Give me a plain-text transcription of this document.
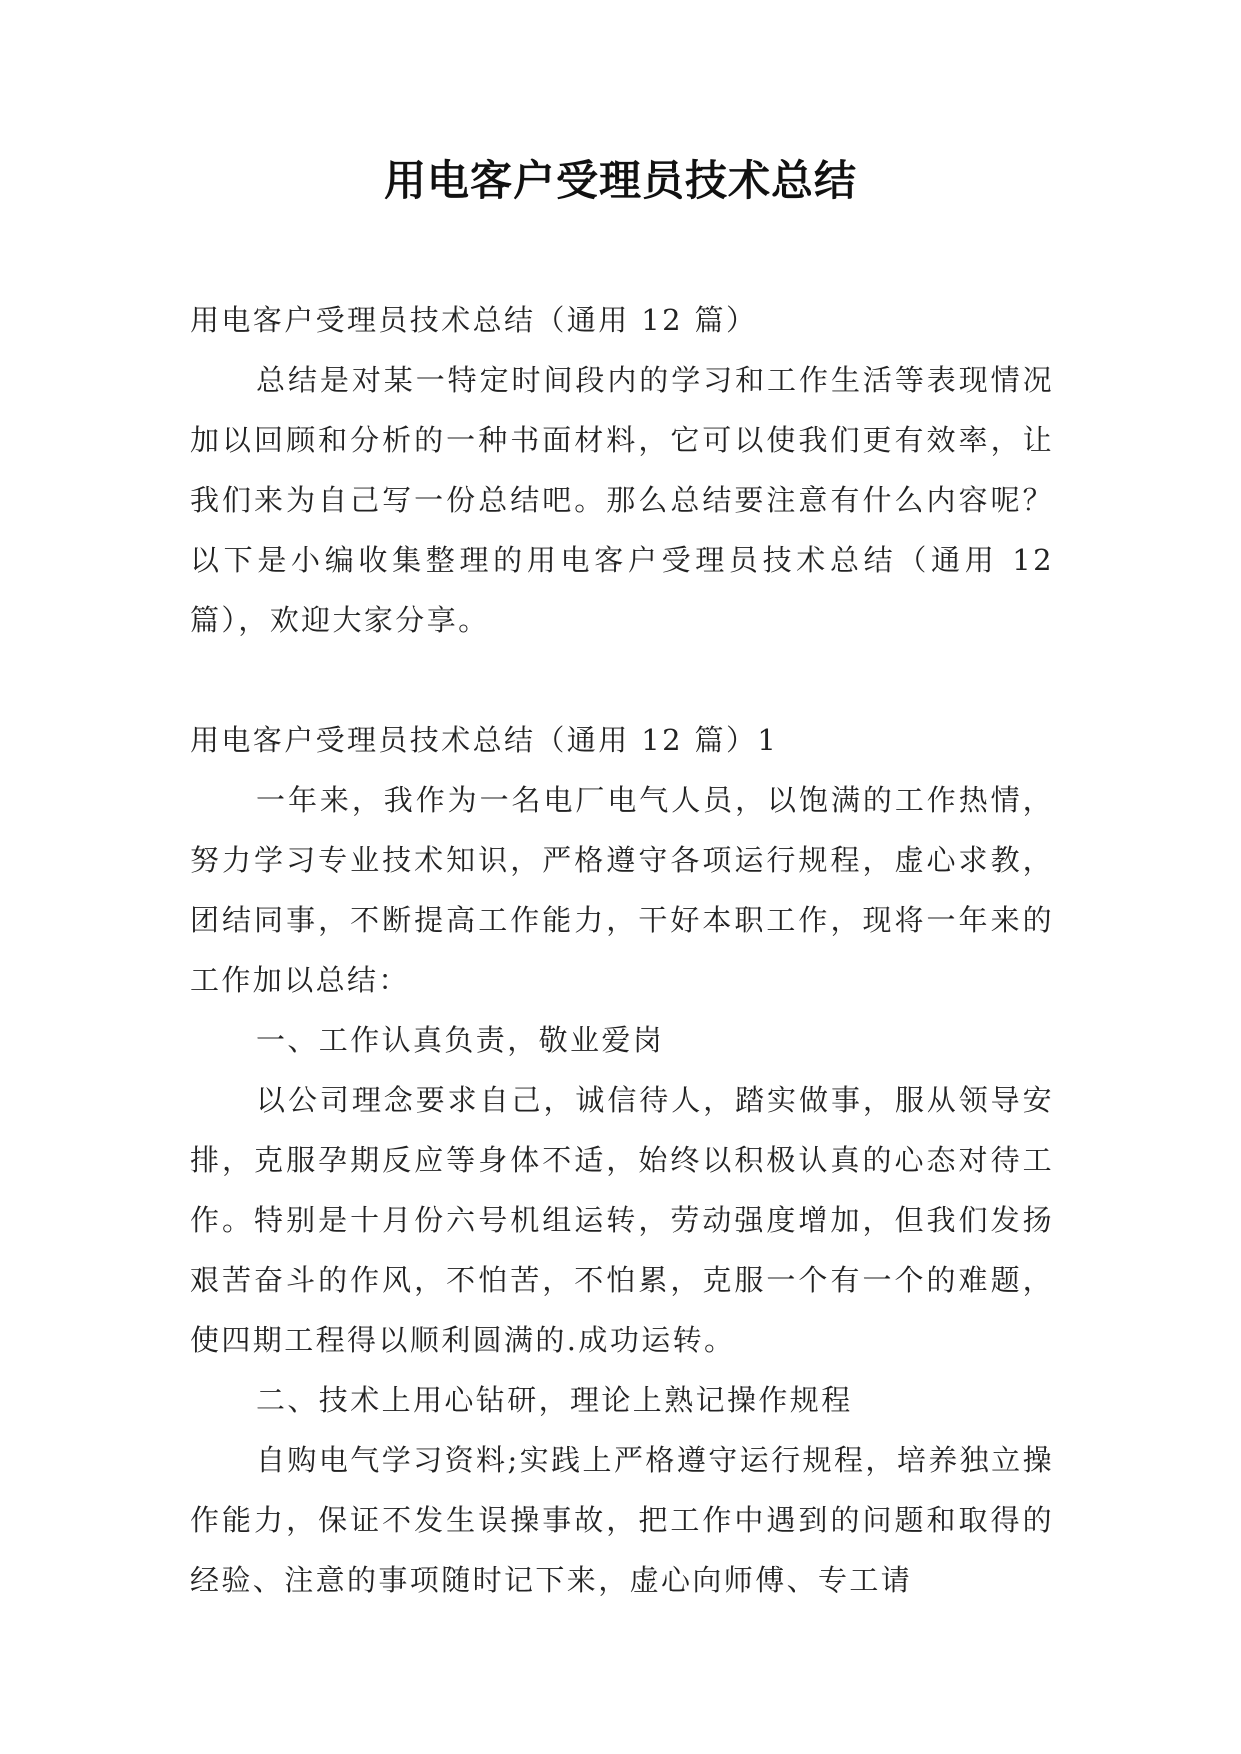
用电客户受理员技术总结

用电客户受理员技术总结（通用 12 篇）

总结是对某一特定时间段内的学习和工作生活等表现情况加以回顾和分析的一种书面材料，它可以使我们更有效率，让我们来为自己写一份总结吧。那么总结要注意有什么内容呢？以下是小编收集整理的用电客户受理员技术总结（通用 12 篇），欢迎大家分享。

用电客户受理员技术总结（通用 12 篇）1

一年来，我作为一名电厂电气人员，以饱满的工作热情，努力学习专业技术知识，严格遵守各项运行规程，虚心求教，团结同事，不断提高工作能力，干好本职工作，现将一年来的工作加以总结：

一、工作认真负责，敬业爱岗

以公司理念要求自己，诚信待人，踏实做事，服从领导安排，克服孕期反应等身体不适，始终以积极认真的心态对待工作。特别是十月份六号机组运转，劳动强度增加，但我们发扬艰苦奋斗的作风，不怕苦，不怕累，克服一个有一个的难题，使四期工程得以顺利圆满的.成功运转。

二、技术上用心钻研，理论上熟记操作规程

自购电气学习资料;实践上严格遵守运行规程，培养独立操作能力，保证不发生误操事故，把工作中遇到的问题和取得的经验、注意的事项随时记下来，虚心向师傅、专工请
